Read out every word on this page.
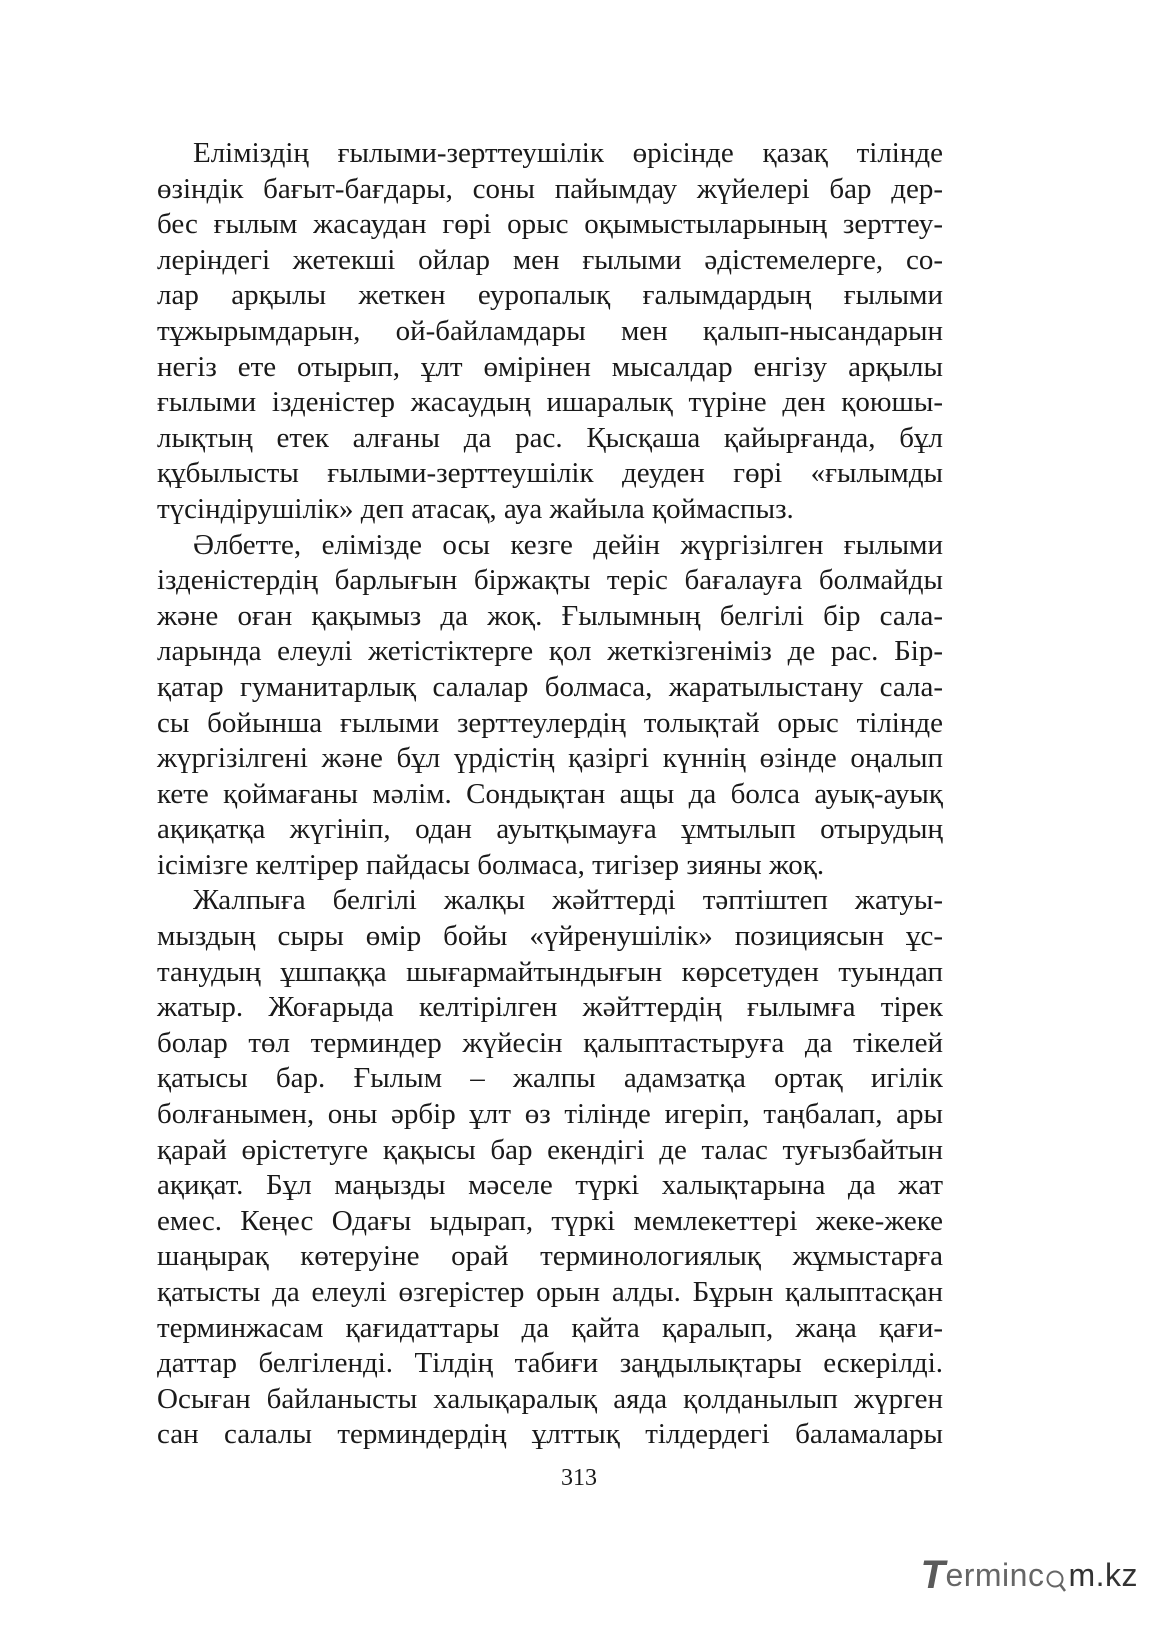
Еліміздің ғылыми-зерттеушілік өрісінде қазақ тілінде
өзіндік бағыт-бағдары, соны пайымдау жүйелері бар дер-
бес ғылым жасаудан гөрі орыс оқымыстыларының зерттеу-
леріндегі жетекші ойлар мен ғылыми әдістемелерге, со-
лар арқылы жеткен еуропалық ғалымдардың ғылыми
тұжырымдарын, ой-байламдары мен қалып-нысандарын
негіз ете отырып, ұлт өмірінен мысалдар енгізу арқылы
ғылыми ізденістер жасаудың ишаралық түріне ден қоюшы-
лықтың етек алғаны да рас. Қысқаша қайырғанда, бұл
құбылысты ғылыми-зерттеушілік деуден гөрі «ғылымды
түсіндірушілік» деп атасақ, ауа жайыла қоймаспыз.
Әлбетте, елімізде осы кезге дейін жүргізілген ғылыми
ізденістердің барлығын біржақты теріс бағалауға болмайды
және оған қақымыз да жоқ. Ғылымның белгілі бір сала-
ларында елеулі жетістіктерге қол жеткізгеніміз де рас. Бір-
қатар гуманитарлық салалар болмаса, жаратылыстану сала-
сы бойынша ғылыми зерттеулердің толықтай орыс тілінде
жүргізілгені және бұл үрдістің қазіргі күннің өзінде оңалып
кете қоймағаны мәлім. Сондықтан ащы да болса ауық-ауық
ақиқатқа жүгініп, одан ауытқымауға ұмтылып отырудың
ісімізге келтірер пайдасы болмаса, тигізер зияны жоқ.
Жалпыға белгілі жалқы жәйттерді тәптіштеп жатуы-
мыздың сыры өмір бойы «үйренушілік» позициясын ұс-
танудың ұшпаққа шығармайтындығын көрсетуден туындап
жатыр. Жоғарыда келтірілген жәйттердің ғылымға тірек
болар төл терминдер жүйесін қалыптастыруға да тікелей
қатысы бар. Ғылым – жалпы адамзатқа ортақ игілік
болғанымен, оны әрбір ұлт өз тілінде игеріп, таңбалап, ары
қарай өрістетуге қақысы бар екендігі де талас туғызбайтын
ақиқат. Бұл маңызды мәселе түркі халықтарына да жат
емес. Кеңес Одағы ыдырап, түркі мемлекеттері жеке-жеке
шаңырақ көтеруіне орай терминологиялық жұмыстарға
қатысты да елеулі өзгерістер орын алды. Бұрын қалыптасқан
терминжасам қағидаттары да қайта қаралып, жаңа қағи-
даттар белгіленді. Тілдің табиғи заңдылықтары ескерілді.
Осыған байланысты халықаралық аяда қолданылып жүрген
сан салалы терминдердің ұлттық тілдердегі баламалары
313
T erminc m.kz
